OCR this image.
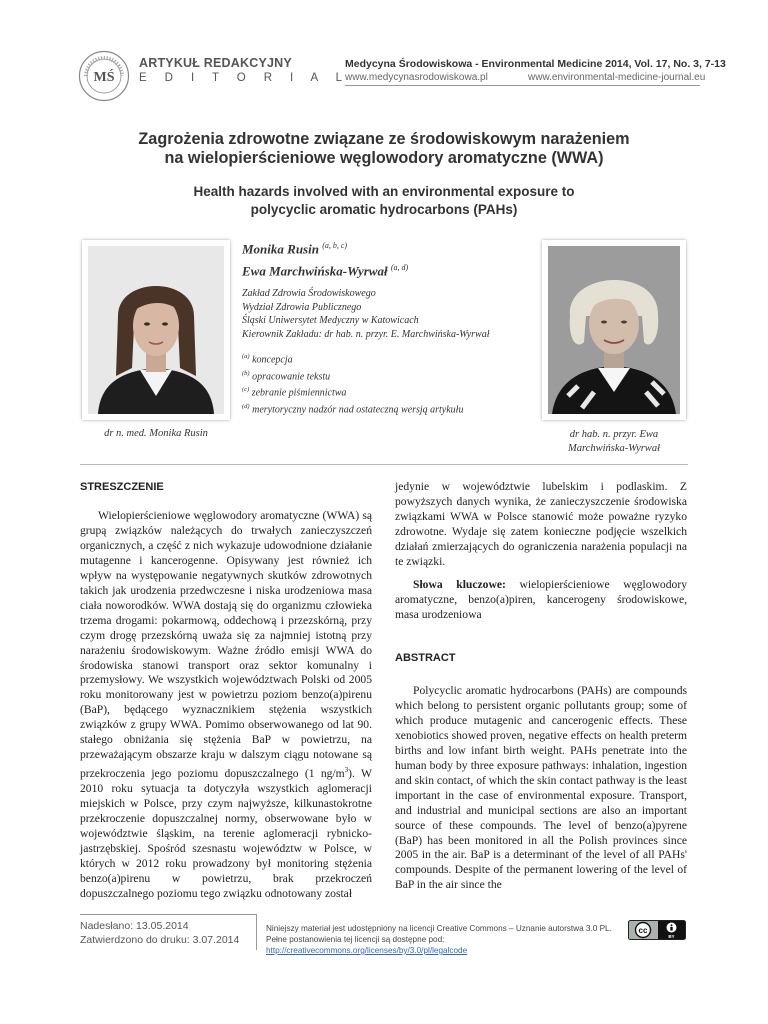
MŚ
ARTYKUŁ REDAKCYJNY
E D I T O R I A L
Medycyna Środowiskowa - Environmental Medicine 2014, Vol. 17, No. 3, 7-13
www.medycynasrodowiskowa.pl	www.environmental-medicine-journal.eu
Zagrożenia zdrowotne związane ze środowiskowym narażeniem
na wielopierścieniowe węglowodory aromatyczne (WWA)
Health hazards involved with an environmental exposure to
polycyclic aromatic hydrocarbons (PAHs)
dr n. med. Monika Rusin	dr hab. n. przyr. Ewa
Marchwińska-Wyrwał
Monika Rusin $^{(a, b, c)}$
Ewa Marchwińska-Wyrwał $^{(a, d)}$
Zakład Zdrowia Środowiskowego
Wydział Zdrowia Publicznego
Śląski Uniwersytet Medyczny w Katowicach
Kierownik Zakładu: dr hab. n. przyr. E. Marchwińska-Wyrwał
$^{(a)}$ koncepcja
$^{(b)}$ opracowanie tekstu
$^{(c)}$ zebranie piśmiennictwa
$^{(d)}$ merytoryczny nadzór nad ostateczną wersją artykułu
STRESZCZENIE

Wielopierścieniowe węglowodory aromatyczne (WWA) są grupą związków należących do trwałych zanieczyszczeń organicznych, a część z nich wykazuje udowodnione działanie mutagenne i kancerogenne. Opisywany jest również ich wpływ na występowanie negatywnych skutków zdrowotnych takich jak urodzenia przedwczesne i niska urodzeniowa masa ciała noworodków. WWA dostają się do organizmu człowieka trzema drogami: pokarmową, oddechową i przezskórną, przy czym drogę przezskórną uważa się za najmniej istotną przy narażeniu środowiskowym. Ważne źródło emisji WWA do środowiska stanowi transport oraz sektor komunalny i przemysłowy. We wszystkich województwach Polski od 2005 roku monitorowany jest w powietrzu poziom benzo(a)pirenu (BaP), będącego wyznacznikiem stężenia wszystkich związków z grupy WWA. Pomimo obserwowanego od lat 90. stałego obniżania się stężenia BaP w powietrzu, na przeważającym obszarze kraju w dalszym ciągu notowane są przekroczenia jego poziomu dopuszczalnego (1 $ng/m^3$). W 2010 roku sytuacja ta dotyczyła wszystkich aglomeracji miejskich w Polsce, przy czym najwyższe, kilkunastokrotne przekroczenie dopuszczalnej normy, obserwowane było w województwie śląskim, na terenie aglomeracji rybnicko-jastrzębskiej. Spośród szesnastu województw w Polsce, w których w 2012 roku prowadzony był monitoring stężenia benzo(a)pirenu w powietrzu, brak przekroczeń dopuszczalnego poziomu tego związku odnotowany został

jedynie w województwie lubelskim i podlaskim. Z powyższych danych wynika, że zanieczyszczenie środowiska związkami WWA w Polsce stanowić może poważne ryzyko zdrowotne. Wydaje się zatem konieczne podjęcie wszelkich działań zmierzających do ograniczenia narażenia populacji na te związki.

Słowa kluczowe: wielopierścieniowe węglowodory aromatyczne, benzo(a)piren, kancerogeny środowiskowe, masa urodzeniowa

ABSTRACT

Polycyclic aromatic hydrocarbons (PAHs) are compounds which belong to persistent organic pollutants group; some of which produce mutagenic and cancerogenic effects. These xenobiotics showed proven, negative effects on health preterm births and low infant birth weight. PAHs penetrate into the human body by three exposure pathways: inhalation, ingestion and skin contact, of which the skin contact pathway is the least important in the case of environmental exposure. Transport, and industrial and municipal sections are also an important source of these compounds. The level of benzo(a)pyrene (BaP) has been monitored in all the Polish provinces since 2005 in the air. BaP is a determinant of the level of all PAHs' compounds. Despite of the permanent lowering of the level of BaP in the air since the

Nadesłano: 13.05.2014
Zatwierdzono do druku: 3.07.2014
Niniejszy materiał jest udostępniony na licencji Creative Commons – Uznanie autorstwa 3.0 PL. Pełne postanowienia tej licencji są dostępne pod: http://creativecommons.org/licenses/by/3.0/pl/legalcode
cc
BY
